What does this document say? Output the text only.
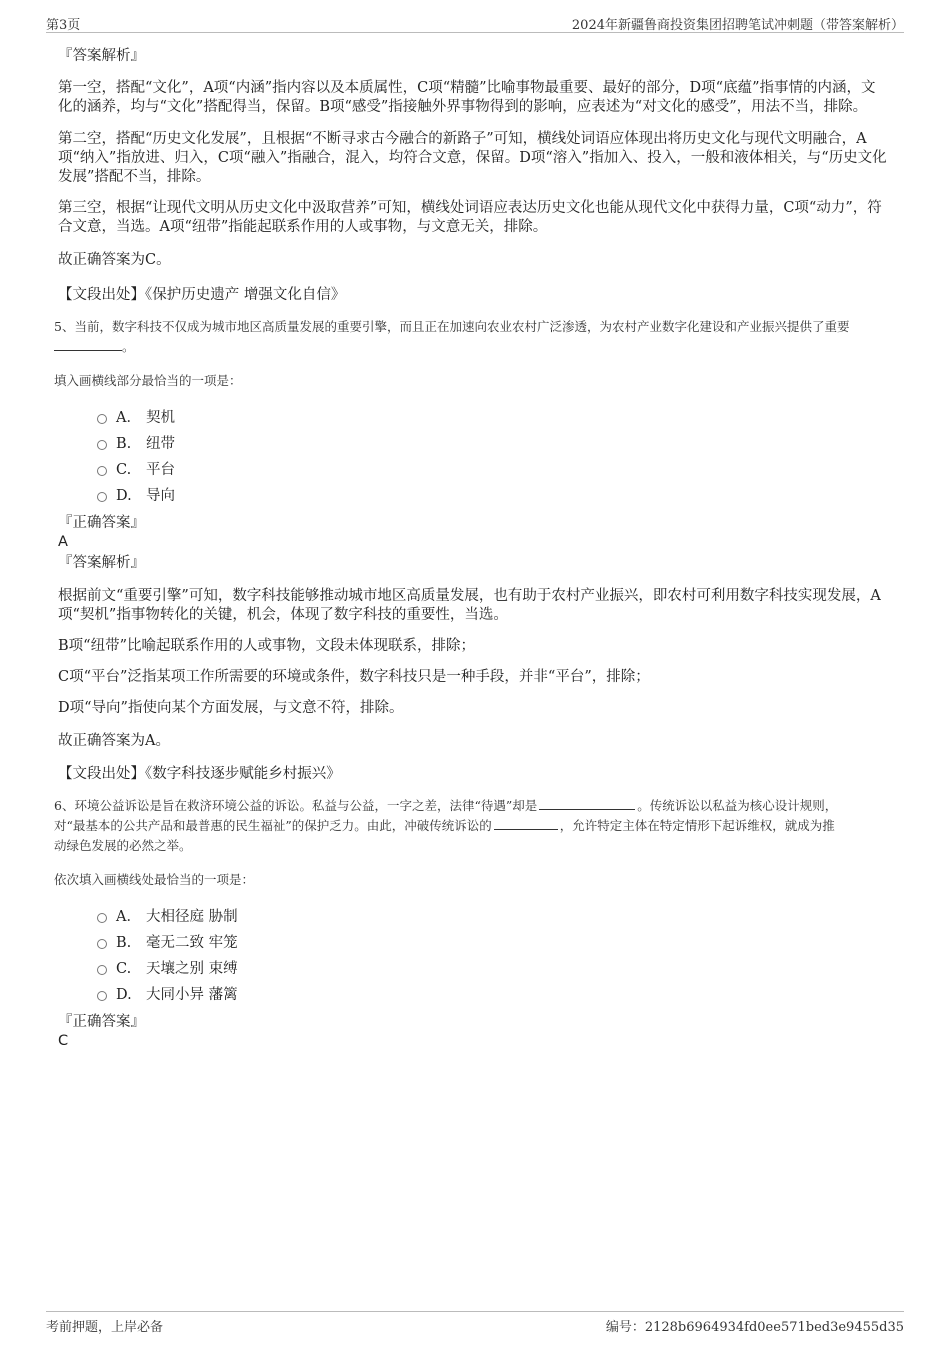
第3页	2024年新疆鲁商投资集团招聘笔试冲刺题（带答案解析）
『答案解析』

第一空，搭配“文化”，A项“内涵”指内容以及本质属性，C项“精髓”比喻事物最重要、最好的部分，D项“底蕴”指事情的内涵，文化的涵养，均与“文化”搭配得当，保留。B项“感受”指接触外界事物得到的影响，应表述为“对文化的感受”，用法不当，排除。

第二空，搭配“历史文化发展”，且根据“不断寻求古今融合的新路子”可知，横线处词语应体现出将历史文化与现代文明融合，A项“纳入”指放进、归入，C项“融入”指融合，混入，均符合文意，保留。D项“溶入”指加入、投入，一般和液体相关，与“历史文化发展”搭配不当，排除。

第三空，根据“让现代文明从历史文化中汲取营养”可知，横线处词语应表达历史文化也能从现代文化中获得力量，C项“动力”，符合文意，当选。A项“纽带”指能起联系作用的人或事物，与文意无关，排除。

故正确答案为C。

【文段出处】《保护历史遗产 增强文化自信》

5、当前，数字科技不仅成为城市地区高质量发展的重要引擎，而且正在加速向农业农村广泛渗透，为农村产业数字化建设和产业振兴提供了重要。

填入画横线部分最恰当的一项是：

A． 契机
B. 纽带
C. 平台
D. 导向
『正确答案』
A
『答案解析』

根据前文“重要引擎”可知，数字科技能够推动城市地区高质量发展，也有助于农村产业振兴，即农村可利用数字科技实现发展，A项“契机”指事物转化的关键，机会，体现了数字科技的重要性，当选。

B项“纽带”比喻起联系作用的人或事物，文段未体现联系，排除；

C项“平台”泛指某项工作所需要的环境或条件，数字科技只是一种手段，并非“平台”，排除；

D项“导向”指使向某个方面发展，与文意不符，排除。

故正确答案为A。

【文段出处】《数字科技逐步赋能乡村振兴》

6、环境公益诉讼是旨在救济环境公益的诉讼。私益与公益，一字之差，法律“待遇”却是	。传统诉讼以私益为核心设计规则，
对“最基本的公共产品和最普惠的民生福祉”的保护乏力。由此，冲破传统诉讼的	，允许特定主体在特定情形下起诉维权，就成为推
动绿色发展的必然之举。

依次填入画横线处最恰当的一项是：

A． 大相径庭 胁制
B. 毫无二致 牢笼
C. 天壤之别 束缚
D. 大同小异 藩篱
『正确答案』
C
考前押题，上岸必备	编号：2128b6964934fd0ee571bed3e9455d35
